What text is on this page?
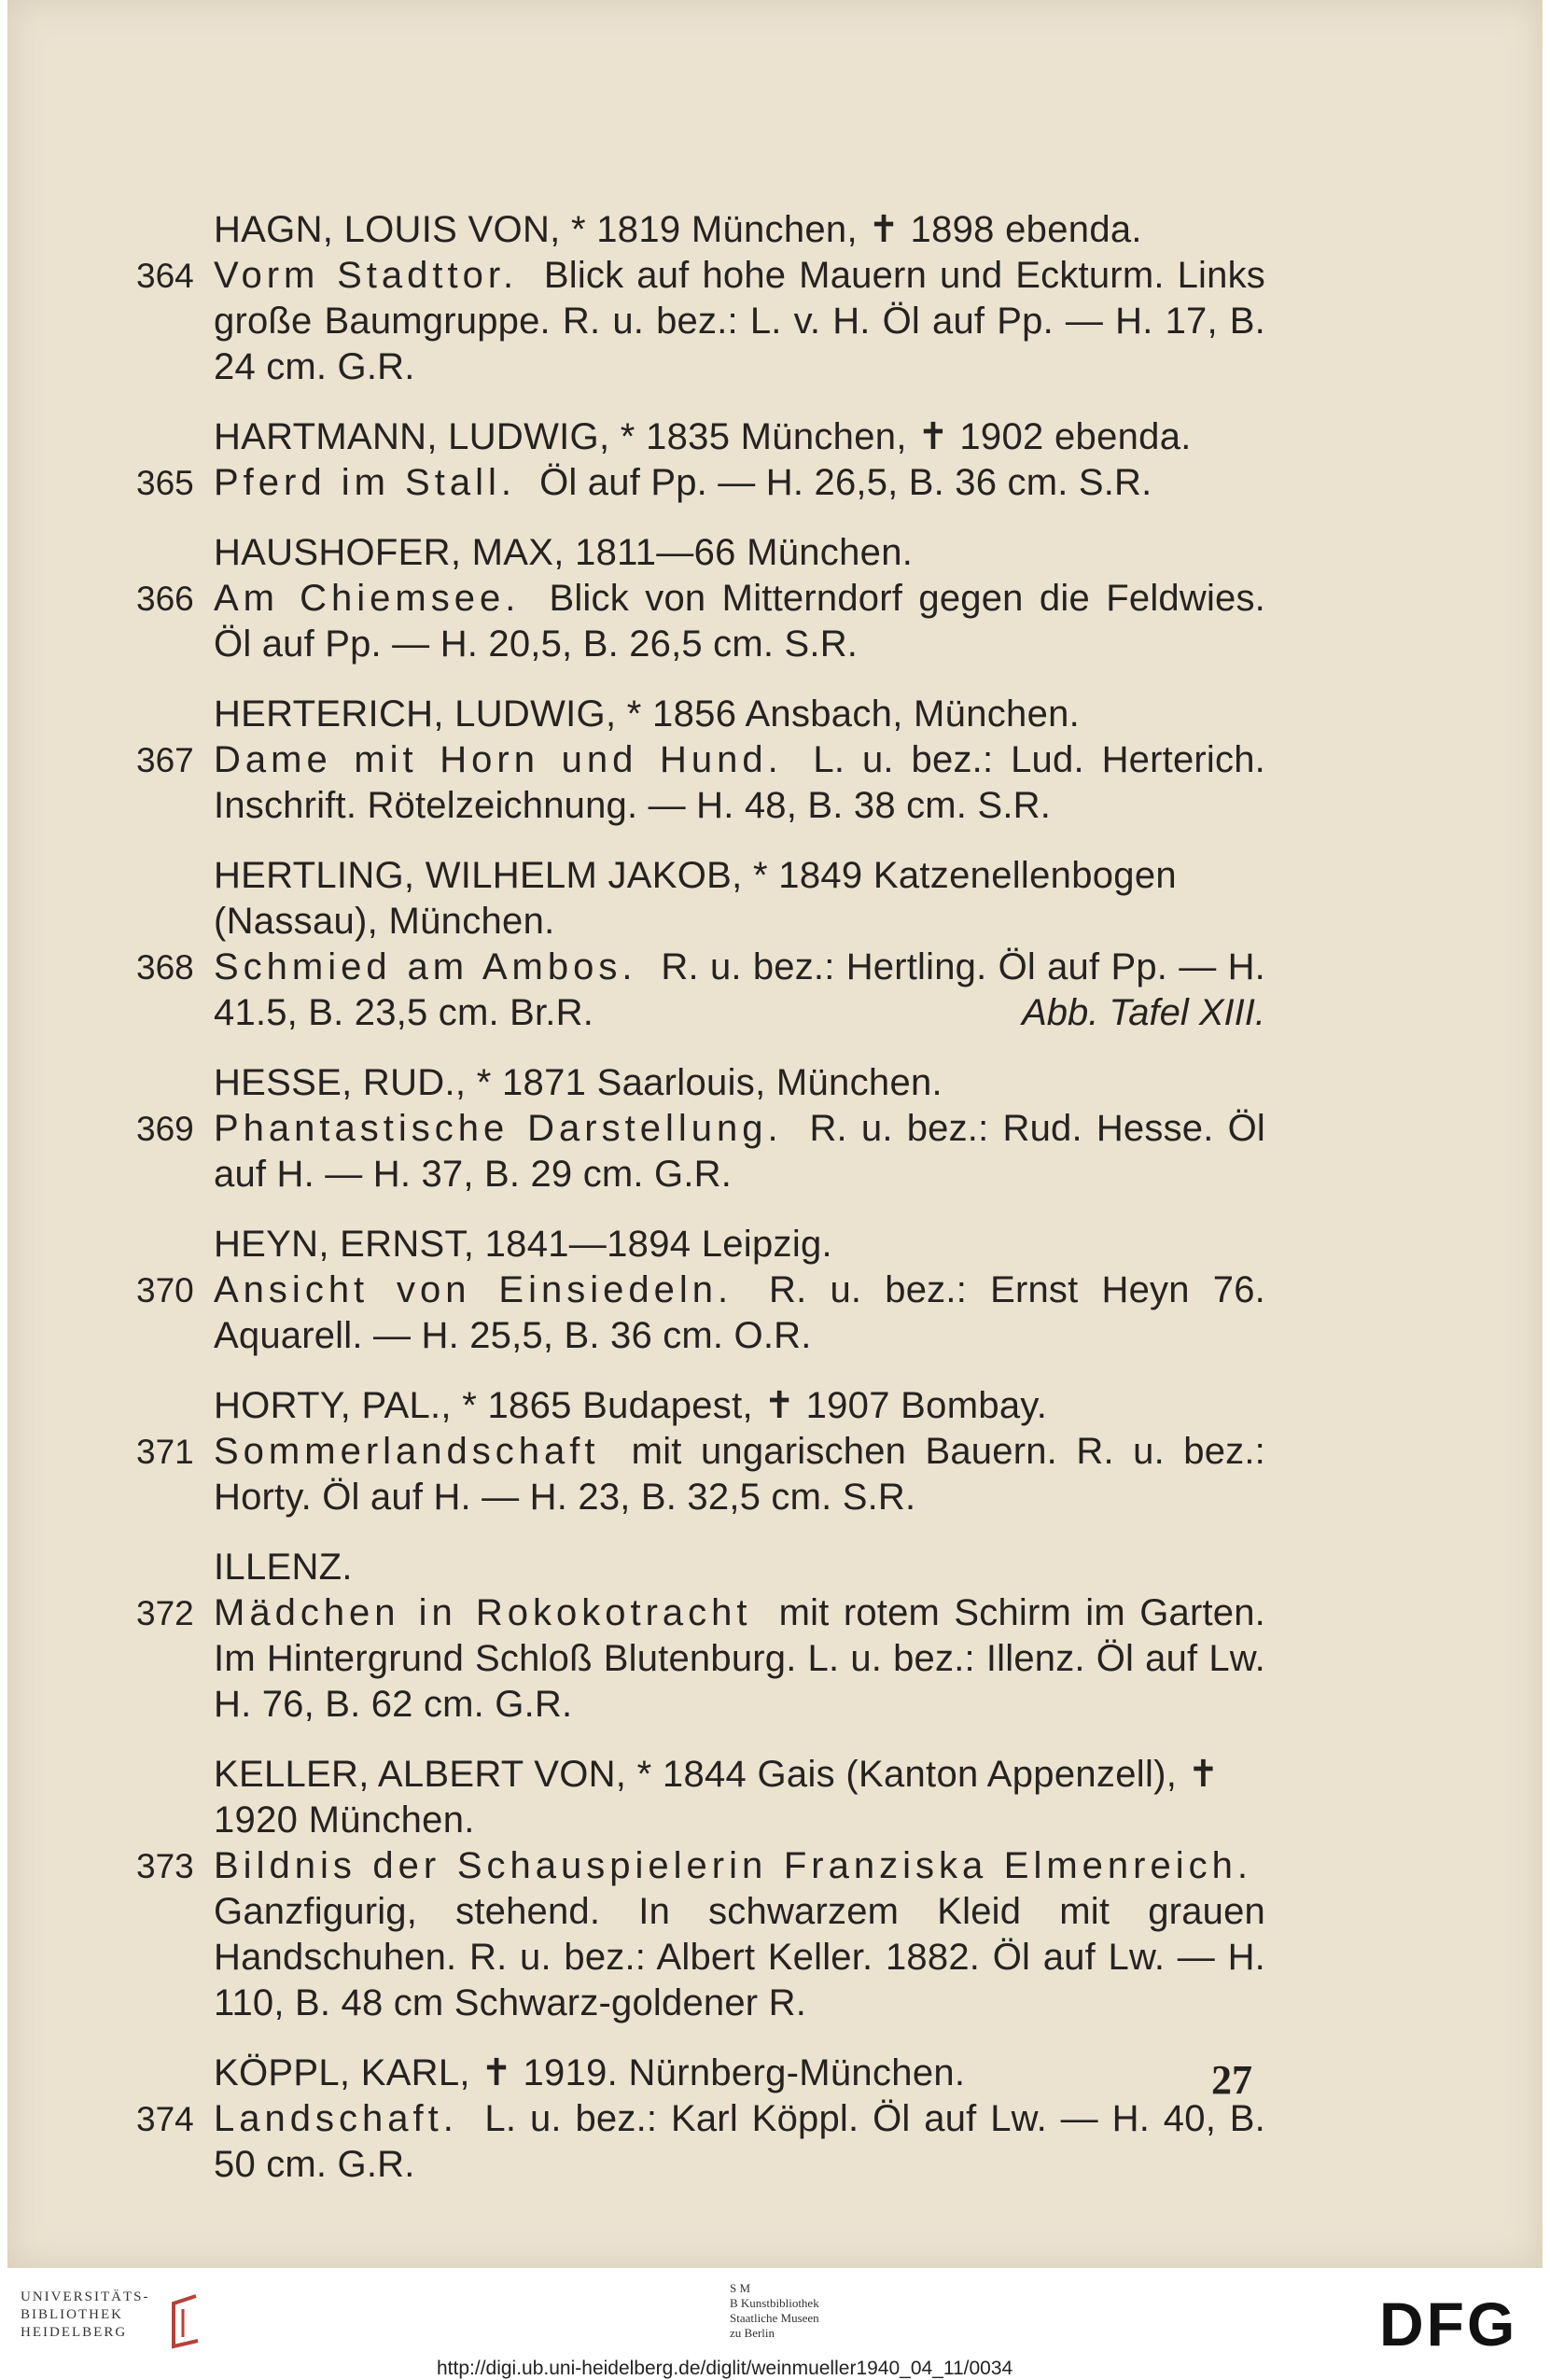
HAGN, LOUIS VON, * 1819 München, ✝ 1898 ebenda.
364 Vorm Stadttor. Blick auf hohe Mauern und Eckturm. Links große Baumgruppe. R. u. bez.: L. v. H. Öl auf Pp. — H. 17, B. 24 cm. G.R.
HARTMANN, LUDWIG, * 1835 München, ✝ 1902 ebenda.
365 Pferd im Stall. Öl auf Pp. — H. 26,5, B. 36 cm. S.R.
HAUSHOFER, MAX, 1811—66 München.
366 Am Chiemsee. Blick von Mitterndorf gegen die Feldwies. Öl auf Pp. — H. 20,5, B. 26,5 cm. S.R.
HERTERICH, LUDWIG, * 1856 Ansbach, München.
367 Dame mit Horn und Hund. L. u. bez.: Lud. Herterich. Inschrift. Rötelzeichnung. — H. 48, B. 38 cm. S.R.
HERTLING, WILHELM JAKOB, * 1849 Katzenellenbogen (Nassau), München.
368 Schmied am Ambos. R. u. bez.: Hertling. Öl auf Pp. — H. 41.5, B. 23,5 cm. Br.R.	Abb. Tafel XIII.
HESSE, RUD., * 1871 Saarlouis, München.
369 Phantastische Darstellung. R. u. bez.: Rud. Hesse. Öl auf H. — H. 37, B. 29 cm. G.R.
HEYN, ERNST, 1841—1894 Leipzig.
370 Ansicht von Einsiedeln. R. u. bez.: Ernst Heyn 76. Aquarell. — H. 25,5, B. 36 cm. O.R.
HORTY, PAL., * 1865 Budapest, ✝ 1907 Bombay.
371 Sommerlandschaft mit ungarischen Bauern. R. u. bez.: Horty. Öl auf H. — H. 23, B. 32,5 cm. S.R.
ILLENZ.
372 Mädchen in Rokokotracht mit rotem Schirm im Garten. Im Hintergrund Schloß Blutenburg. L. u. bez.: Illenz. Öl auf Lw. H. 76, B. 62 cm. G.R.
KELLER, ALBERT VON, * 1844 Gais (Kanton Appenzell), ✝ 1920 München.
373 Bildnis der Schauspielerin Franziska Elmenreich. Ganzfigurig, stehend. In schwarzem Kleid mit grauen Handschuhen. R. u. bez.: Albert Keller. 1882. Öl auf Lw. — H. 110, B. 48 cm Schwarz-goldener R.
KÖPPL, KARL, ✝ 1919. Nürnberg-München.
374 Landschaft. L. u. bez.: Karl Köppl. Öl auf Lw. — H. 40, B. 50 cm. G.R.
27
UNIVERSITÄTS-
BIBLIOTHEK
HEIDELBERG
S M
B Kunstbibliothek
Staatliche Museen
zu Berlin	DFG
http://digi.ub.uni-heidelberg.de/diglit/weinmueller1940_04_11/0034
